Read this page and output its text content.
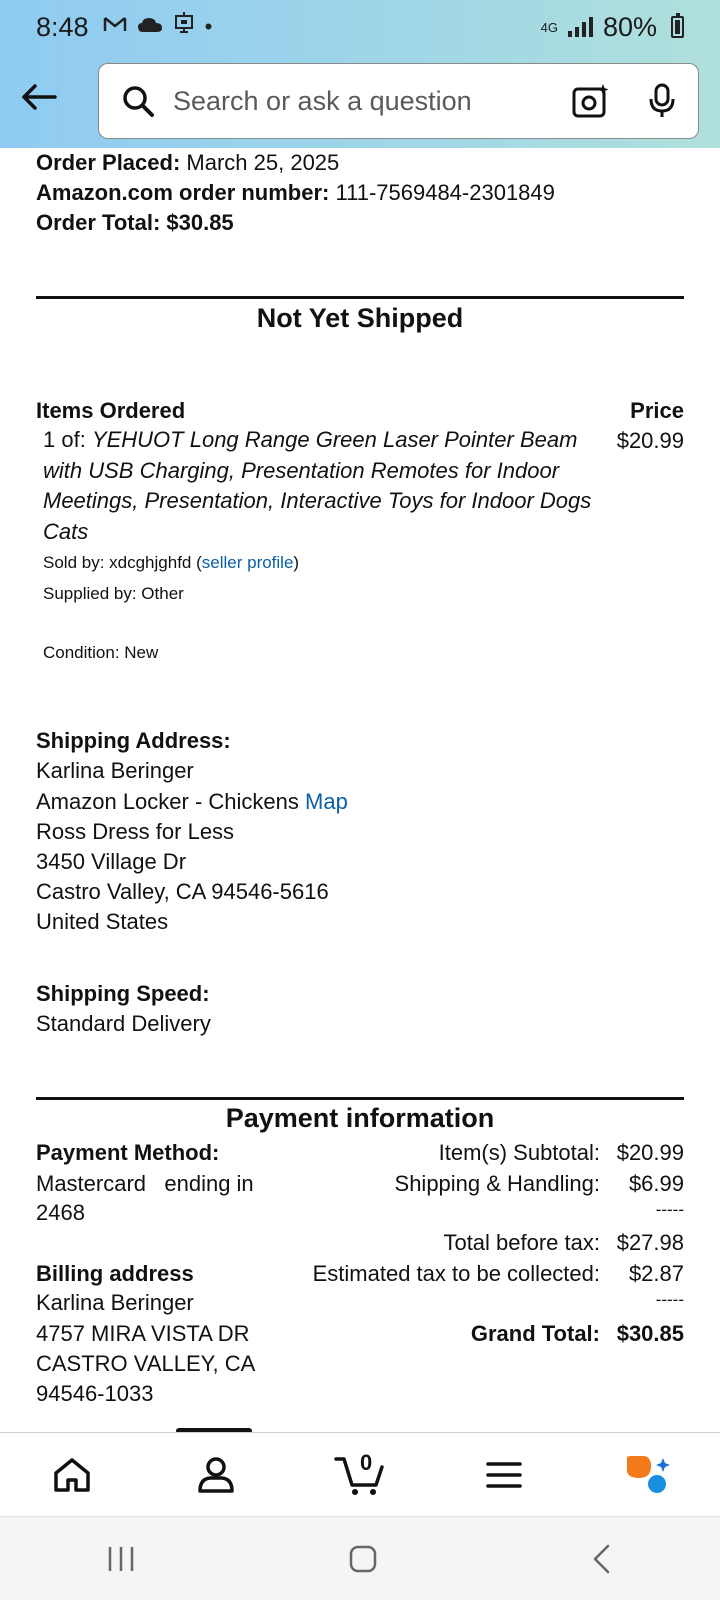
8:48	•	4G 80%
Search or ask a question
Order Placed: March 25, 2025
Amazon.com order number: 111-7569484-2301849
Order Total: $30.85
Not Yet Shipped
Items Ordered	Price
1 of: YEHUOT Long Range Green Laser Pointer Beam
with USB Charging, Presentation Remotes for Indoor
Meetings, Presentation, Interactive Toys for Indoor Dogs
Cats
$20.99
Sold by: xdcghjghfd (seller profile)
Supplied by: Other
Condition: New
Shipping Address:
Karlina Beringer
Amazon Locker - Chickens Map
Ross Dress for Less
3450 Village Dr
Castro Valley, CA 94546-5616
United States
Shipping Speed:
Standard Delivery
Payment information
Payment Method:
Mastercard   ending in
2468
Billing address
Karlina Beringer
4757 MIRA VISTA DR
CASTRO VALLEY, CA
94546-1033
Item(s) Subtotal: $20.99
Shipping & Handling:	$6.99
-----
Total before tax: $27.98
Estimated tax to be collected:	$2.87
-----
Grand Total: $30.85
0
